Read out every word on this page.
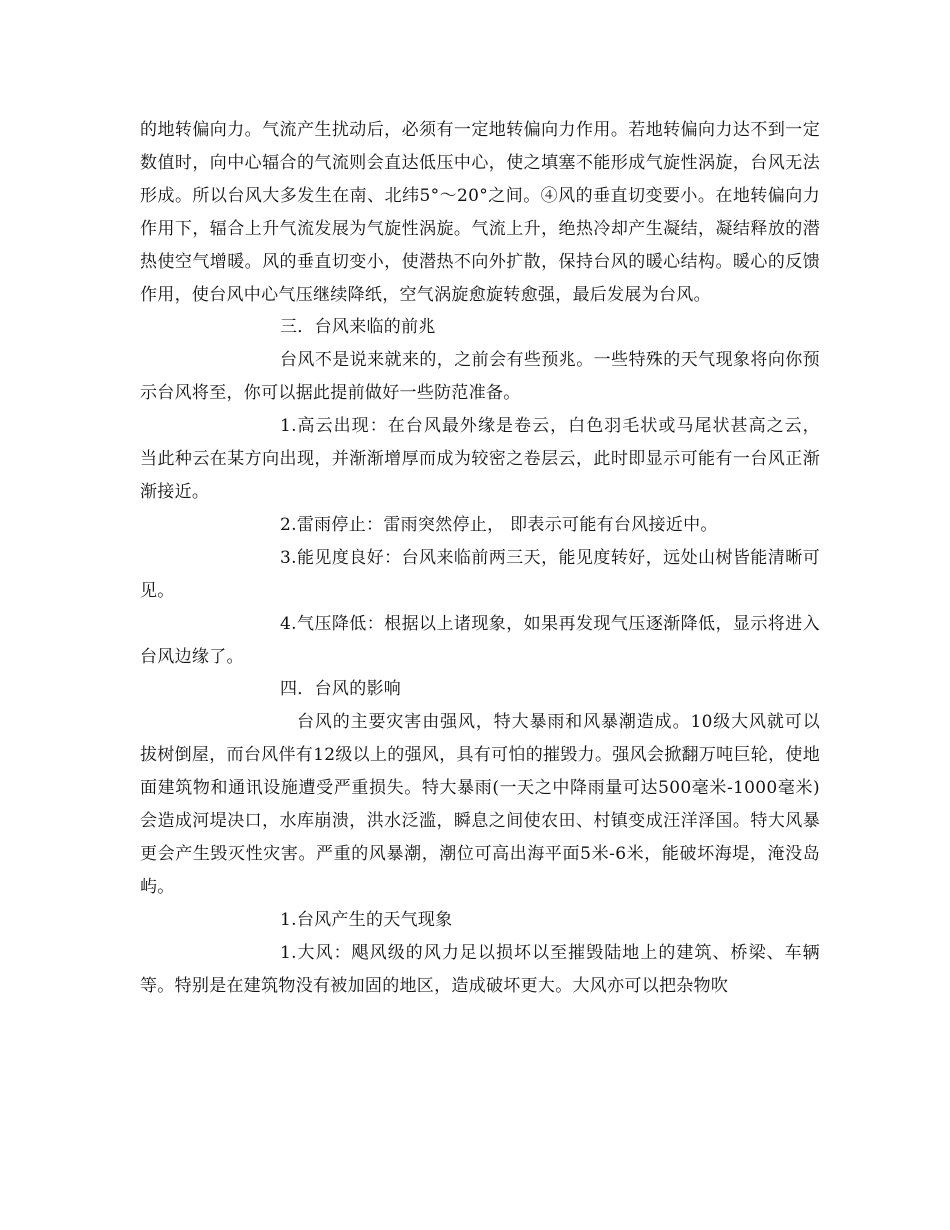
的地转偏向力。气流产生扰动后，必须有一定地转偏向力作用。若地转偏向力达不到一定数值时，向中心辐合的气流则会直达低压中心，使之填塞不能形成气旋性涡旋，台风无法形成。所以台风大多发生在南、北纬5°～20°之间。④风的垂直切变要小。在地转偏向力作用下，辐合上升气流发展为气旋性涡旋。气流上升，绝热冷却产生凝结，凝结释放的潜热使空气增暖。风的垂直切变小，使潜热不向外扩散，保持台风的暖心结构。暖心的反馈作用，使台风中心气压继续降纸，空气涡旋愈旋转愈强，最后发展为台风。

三．台风来临的前兆

台风不是说来就来的，之前会有些预兆。一些特殊的天气现象将向你预示台风将至，你可以据此提前做好一些防范准备。

1.高云出现：在台风最外缘是卷云，白色羽毛状或马尾状甚高之云， 当此种云在某方向出现，并渐渐增厚而成为较密之卷层云，此时即显示可能有一台风正渐渐接近。

2.雷雨停止：雷雨突然停止， 即表示可能有台风接近中。

3.能见度良好：台风来临前两三天，能见度转好，远处山树皆能清晰可见。

4.气压降低：根据以上诸现象，如果再发现气压逐渐降低，显示将进入台风边缘了。

四．台风的影响

台风的主要灾害由强风，特大暴雨和风暴潮造成。10级大风就可以拔树倒屋，而台风伴有12级以上的强风，具有可怕的摧毁力。强风会掀翻万吨巨轮，使地面建筑物和通讯设施遭受严重损失。特大暴雨(一天之中降雨量可达500毫米-1000毫米)会造成河堤决口，水库崩溃，洪水泛滥，瞬息之间使农田、村镇变成汪洋泽国。特大风暴更会产生毁灭性灾害。严重的风暴潮，潮位可高出海平面5米-6米，能破坏海堤，淹没岛屿。

1.台风产生的天气现象

1.大风：飓风级的风力足以损坏以至摧毁陆地上的建筑、桥梁、车辆等。特别是在建筑物没有被加固的地区，造成破坏更大。大风亦可以把杂物吹
